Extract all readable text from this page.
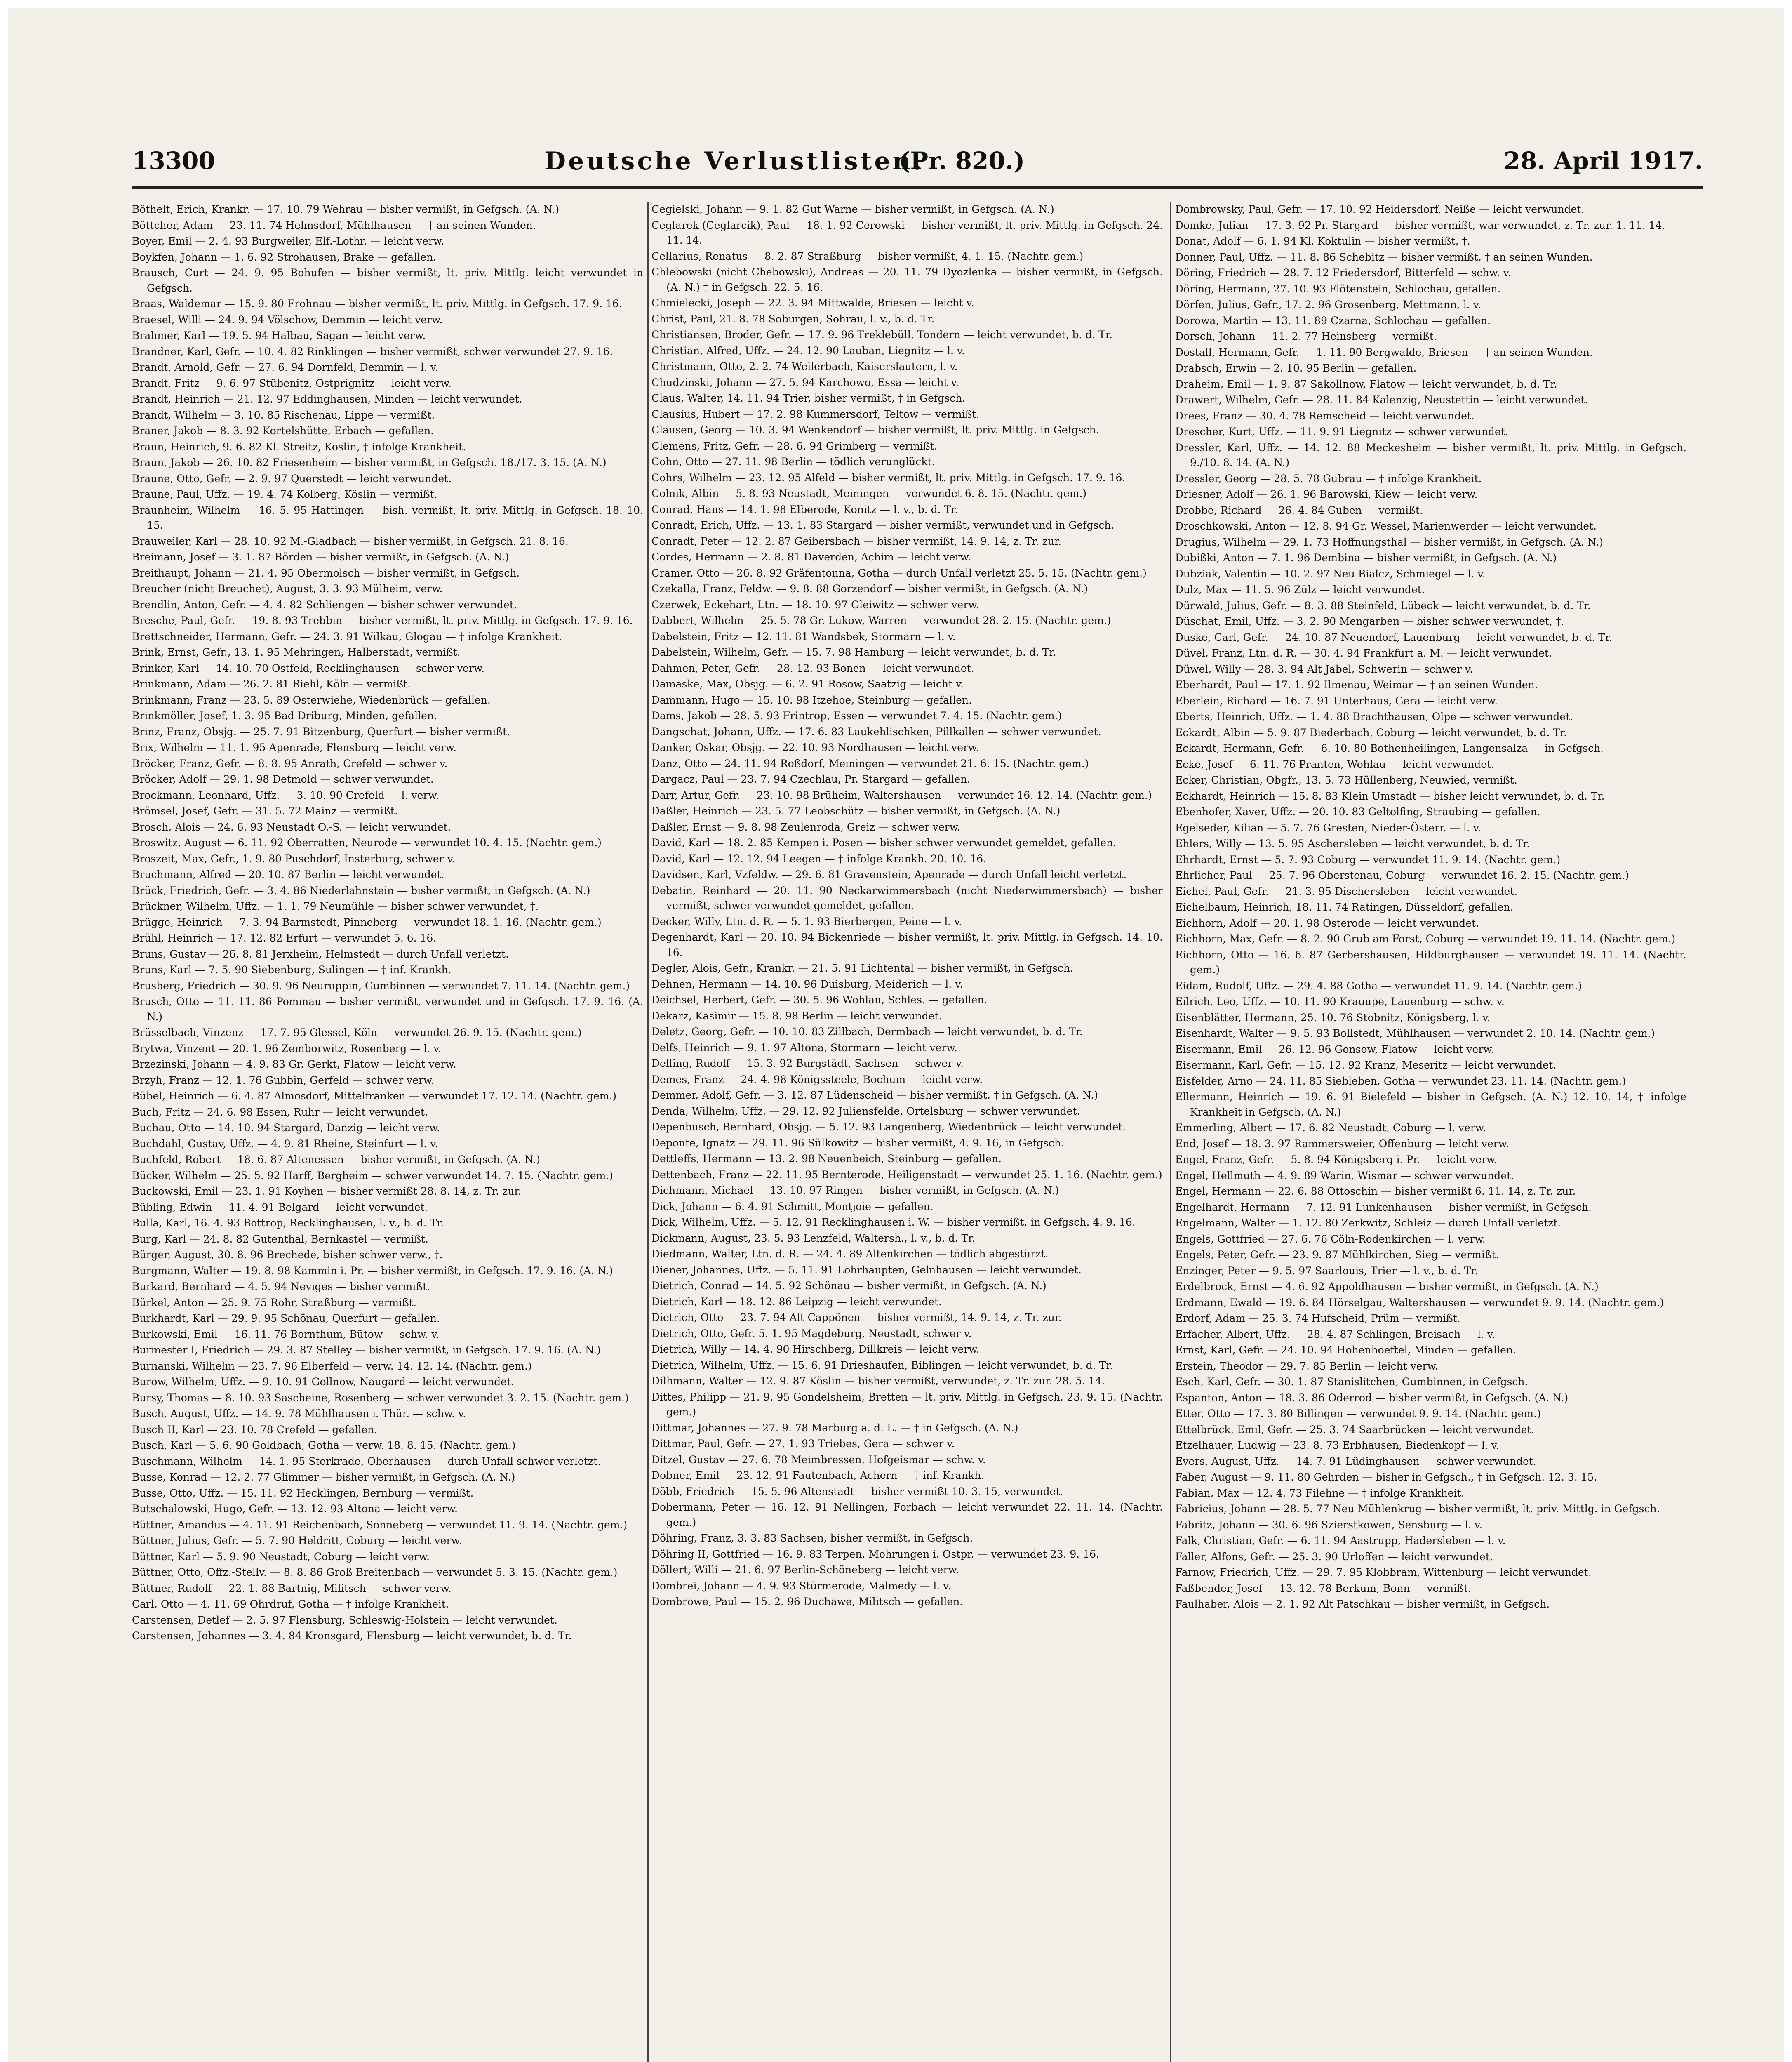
13300	Deutsche Verlustlisten.
(Pr. 820.)	28. April 1917.

Böthelt, Erich, Krankr. — 17. 10. 79 Wehrau — bisher vermißt, in Gefgsch. (A. N.)

Böttcher, Adam — 23. 11. 74 Helmsdorf, Mühlhausen — † an seinen Wunden.

Boyer, Emil — 2. 4. 93 Burgweiler, Elf.-Lothr. — leicht verw.

Boykfen, Johann — 1. 6. 92 Strohausen, Brake — gefallen.

Brausch, Curt — 24. 9. 95 Bohufen — bisher vermißt, lt. priv. Mittlg. leicht verwundet in Gefgsch.

Braas, Waldemar — 15. 9. 80 Frohnau — bisher vermißt, lt. priv. Mittlg. in Gefgsch. 17. 9. 16.

Braesel, Willi — 24. 9. 94 Völschow, Demmin — leicht verw.

Brahmer, Karl — 19. 5. 94 Halbau, Sagan — leicht verw.

Brandner, Karl, Gefr. — 10. 4. 82 Rinklingen — bisher vermißt, schwer verwundet 27. 9. 16.

Brandt, Arnold, Gefr. — 27. 6. 94 Dornfeld, Demmin — l. v.

Brandt, Fritz — 9. 6. 97 Stübenitz, Ostprignitz — leicht verw.

Brandt, Heinrich — 21. 12. 97 Eddinghausen, Minden — leicht verwundet.

Brandt, Wilhelm — 3. 10. 85 Rischenau, Lippe — vermißt.

Braner, Jakob — 8. 3. 92 Kortelshütte, Erbach — gefallen.

Braun, Heinrich, 9. 6. 82 Kl. Streitz, Köslin, † infolge Krankheit.

Braun, Jakob — 26. 10. 82 Friesenheim — bisher vermißt, in Gefgsch. 18./17. 3. 15. (A. N.)

Braune, Otto, Gefr. — 2. 9. 97 Querstedt — leicht verwundet.

Braune, Paul, Uffz. — 19. 4. 74 Kolberg, Köslin — vermißt.

Braunheim, Wilhelm — 16. 5. 95 Hattingen — bish. vermißt, lt. priv. Mittlg. in Gefgsch. 18. 10. 15.

Brauweiler, Karl — 28. 10. 92 M.-Gladbach — bisher vermißt, in Gefgsch. 21. 8. 16.

Breimann, Josef — 3. 1. 87 Börden — bisher vermißt, in Gefgsch. (A. N.)

Breithaupt, Johann — 21. 4. 95 Obermolsch — bisher vermißt, in Gefgsch.

Breucher (nicht Breuchet), August, 3. 3. 93 Mülheim, verw.

Brendlin, Anton, Gefr. — 4. 4. 82 Schliengen — bisher schwer verwundet.

Bresche, Paul, Gefr. — 19. 8. 93 Trebbin — bisher vermißt, lt. priv. Mittlg. in Gefgsch. 17. 9. 16.

Brettschneider, Hermann, Gefr. — 24. 3. 91 Wilkau, Glogau — † infolge Krankheit.

Brink, Ernst, Gefr., 13. 1. 95 Mehringen, Halberstadt, vermißt.

Brinker, Karl — 14. 10. 70 Ostfeld, Recklinghausen — schwer verw.

Brinkmann, Adam — 26. 2. 81 Riehl, Köln — vermißt.

Brinkmann, Franz — 23. 5. 89 Osterwiehe, Wiedenbrück — gefallen.

Brinkmöller, Josef, 1. 3. 95 Bad Driburg, Minden, gefallen.

Brinz, Franz, Obsjg. — 25. 7. 91 Bitzenburg, Querfurt — bisher vermißt.

Brix, Wilhelm — 11. 1. 95 Apenrade, Flensburg — leicht verw.

Bröcker, Franz, Gefr. — 8. 8. 95 Anrath, Crefeld — schwer v.

Bröcker, Adolf — 29. 1. 98 Detmold — schwer verwundet.

Brockmann, Leonhard, Uffz. — 3. 10. 90 Crefeld — l. verw.

Brömsel, Josef, Gefr. — 31. 5. 72 Mainz — vermißt.

Brosch, Alois — 24. 6. 93 Neustadt O.-S. — leicht verwundet.

Broswitz, August — 6. 11. 92 Oberratten, Neurode — verwundet 10. 4. 15. (Nachtr. gem.)

Broszeit, Max, Gefr., 1. 9. 80 Puschdorf, Insterburg, schwer v.

Bruchmann, Alfred — 20. 10. 87 Berlin — leicht verwundet.

Brück, Friedrich, Gefr. — 3. 4. 86 Niederlahnstein — bisher vermißt, in Gefgsch. (A. N.)

Brückner, Wilhelm, Uffz. — 1. 1. 79 Neumühle — bisher schwer verwundet, †.

Brügge, Heinrich — 7. 3. 94 Barmstedt, Pinneberg — verwundet 18. 1. 16. (Nachtr. gem.)

Brühl, Heinrich — 17. 12. 82 Erfurt — verwundet 5. 6. 16.

Bruns, Gustav — 26. 8. 81 Jerxheim, Helmstedt — durch Unfall verletzt.

Bruns, Karl — 7. 5. 90 Siebenburg, Sulingen — † inf. Krankh.

Brusberg, Friedrich — 30. 9. 96 Neuruppin, Gumbinnen — verwundet 7. 11. 14. (Nachtr. gem.)

Brusch, Otto — 11. 11. 86 Pommau — bisher vermißt, verwundet und in Gefgsch. 17. 9. 16. (A. N.)

Brüsselbach, Vinzenz — 17. 7. 95 Glessel, Köln — verwundet 26. 9. 15. (Nachtr. gem.)

Brytwa, Vinzent — 20. 1. 96 Zemborwitz, Rosenberg — l. v.

Brzezinski, Johann — 4. 9. 83 Gr. Gerkt, Flatow — leicht verw.

Brzyh, Franz — 12. 1. 76 Gubbin, Gerfeld — schwer verw.

Bübel, Heinrich — 6. 4. 87 Almosdorf, Mittelfranken — verwundet 17. 12. 14. (Nachtr. gem.)

Buch, Fritz — 24. 6. 98 Essen, Ruhr — leicht verwundet.

Buchau, Otto — 14. 10. 94 Stargard, Danzig — leicht verw.

Buchdahl, Gustav, Uffz. — 4. 9. 81 Rheine, Steinfurt — l. v.

Buchfeld, Robert — 18. 6. 87 Altenessen — bisher vermißt, in Gefgsch. (A. N.)

Bücker, Wilhelm — 25. 5. 92 Harff, Bergheim — schwer verwundet 14. 7. 15. (Nachtr. gem.)

Buckowski, Emil — 23. 1. 91 Koyhen — bisher vermißt 28. 8. 14, z. Tr. zur.

Bübling, Edwin — 11. 4. 91 Belgard — leicht verwundet.

Bulla, Karl, 16. 4. 93 Bottrop, Recklinghausen, l. v., b. d. Tr.

Burg, Karl — 24. 8. 82 Gutenthal, Bernkastel — vermißt.

Bürger, August, 30. 8. 96 Brechede, bisher schwer verw., †.

Burgmann, Walter — 19. 8. 98 Kammin i. Pr. — bisher vermißt, in Gefgsch. 17. 9. 16. (A. N.)

Burkard, Bernhard — 4. 5. 94 Neviges — bisher vermißt.

Bürkel, Anton — 25. 9. 75 Rohr, Straßburg — vermißt.

Burkhardt, Karl — 29. 9. 95 Schönau, Querfurt — gefallen.

Burkowski, Emil — 16. 11. 76 Bornthum, Bütow — schw. v.

Burmester I, Friedrich — 29. 3. 87 Stelley — bisher vermißt, in Gefgsch. 17. 9. 16. (A. N.)

Burnanski, Wilhelm — 23. 7. 96 Elberfeld — verw. 14. 12. 14. (Nachtr. gem.)

Burow, Wilhelm, Uffz. — 9. 10. 91 Gollnow, Naugard — leicht verwundet.

Bursy, Thomas — 8. 10. 93 Sascheine, Rosenberg — schwer verwundet 3. 2. 15. (Nachtr. gem.)

Busch, August, Uffz. — 14. 9. 78 Mühlhausen i. Thür. — schw. v.

Busch II, Karl — 23. 10. 78 Crefeld — gefallen.

Busch, Karl — 5. 6. 90 Goldbach, Gotha — verw. 18. 8. 15. (Nachtr. gem.)

Buschmann, Wilhelm — 14. 1. 95 Sterkrade, Oberhausen — durch Unfall schwer verletzt.

Busse, Konrad — 12. 2. 77 Glimmer — bisher vermißt, in Gefgsch. (A. N.)

Busse, Otto, Uffz. — 15. 11. 92 Hecklingen, Bernburg — vermißt.

Butschalowski, Hugo, Gefr. — 13. 12. 93 Altona — leicht verw.

Büttner, Amandus — 4. 11. 91 Reichenbach, Sonneberg — verwundet 11. 9. 14. (Nachtr. gem.)

Büttner, Julius, Gefr. — 5. 7. 90 Heldritt, Coburg — leicht verw.

Büttner, Karl — 5. 9. 90 Neustadt, Coburg — leicht verw.

Büttner, Otto, Offz.-Stellv. — 8. 8. 86 Groß Breitenbach — verwundet 5. 3. 15. (Nachtr. gem.)

Büttner, Rudolf — 22. 1. 88 Bartnig, Militsch — schwer verw.

Carl, Otto — 4. 11. 69 Ohrdruf, Gotha — † infolge Krankheit.

Carstensen, Detlef — 2. 5. 97 Flensburg, Schleswig-Holstein — leicht verwundet.

Carstensen, Johannes — 3. 4. 84 Kronsgard, Flensburg — leicht verwundet, b. d. Tr.

Cegielski, Johann — 9. 1. 82 Gut Warne — bisher vermißt, in Gefgsch. (A. N.)

Ceglarek (Ceglarcik), Paul — 18. 1. 92 Cerowski — bisher vermißt, lt. priv. Mittlg. in Gefgsch. 24. 11. 14.

Cellarius, Renatus — 8. 2. 87 Straßburg — bisher vermißt, 4. 1. 15. (Nachtr. gem.)

Chlebowski (nicht Chebowski), Andreas — 20. 11. 79 Dyozlenka — bisher vermißt, in Gefgsch. (A. N.) † in Gefgsch. 22. 5. 16.

Chmielecki, Joseph — 22. 3. 94 Mittwalde, Briesen — leicht v.

Christ, Paul, 21. 8. 78 Soburgen, Sohrau, l. v., b. d. Tr.

Christiansen, Broder, Gefr. — 17. 9. 96 Treklebüll, Tondern — leicht verwundet, b. d. Tr.

Christian, Alfred, Uffz. — 24. 12. 90 Lauban, Liegnitz — l. v.

Christmann, Otto, 2. 2. 74 Weilerbach, Kaiserslautern, l. v.

Chudzinski, Johann — 27. 5. 94 Karchowo, Essa — leicht v.

Claus, Walter, 14. 11. 94 Trier, bisher vermißt, † in Gefgsch.

Clausius, Hubert — 17. 2. 98 Kummersdorf, Teltow — vermißt.

Clausen, Georg — 10. 3. 94 Wenkendorf — bisher vermißt, lt. priv. Mittlg. in Gefgsch.

Clemens, Fritz, Gefr. — 28. 6. 94 Grimberg — vermißt.

Cohn, Otto — 27. 11. 98 Berlin — tödlich verunglückt.

Cohrs, Wilhelm — 23. 12. 95 Alfeld — bisher vermißt, lt. priv. Mittlg. in Gefgsch. 17. 9. 16.

Colnik, Albin — 5. 8. 93 Neustadt, Meiningen — verwundet 6. 8. 15. (Nachtr. gem.)

Conrad, Hans — 14. 1. 98 Elberode, Konitz — l. v., b. d. Tr.

Conradt, Erich, Uffz. — 13. 1. 83 Stargard — bisher vermißt, verwundet und in Gefgsch.

Conradt, Peter — 12. 2. 87 Geibersbach — bisher vermißt, 14. 9. 14, z. Tr. zur.

Cordes, Hermann — 2. 8. 81 Daverden, Achim — leicht verw.

Cramer, Otto — 26. 8. 92 Gräfentonna, Gotha — durch Unfall verletzt 25. 5. 15. (Nachtr. gem.)

Czekalla, Franz, Feldw. — 9. 8. 88 Gorzendorf — bisher vermißt, in Gefgsch. (A. N.)

Czerwek, Eckehart, Ltn. — 18. 10. 97 Gleiwitz — schwer verw.

Dabbert, Wilhelm — 25. 5. 78 Gr. Lukow, Warren — verwundet 28. 2. 15. (Nachtr. gem.)

Dabelstein, Fritz — 12. 11. 81 Wandsbek, Stormarn — l. v.

Dabelstein, Wilhelm, Gefr. — 15. 7. 98 Hamburg — leicht verwundet, b. d. Tr.

Dahmen, Peter, Gefr. — 28. 12. 93 Bonen — leicht verwundet.

Damaske, Max, Obsjg. — 6. 2. 91 Rosow, Saatzig — leicht v.

Dammann, Hugo — 15. 10. 98 Itzehoe, Steinburg — gefallen.

Dams, Jakob — 28. 5. 93 Frintrop, Essen — verwundet 7. 4. 15. (Nachtr. gem.)

Dangschat, Johann, Uffz. — 17. 6. 83 Laukehlischken, Pillkallen — schwer verwundet.

Danker, Oskar, Obsjg. — 22. 10. 93 Nordhausen — leicht verw.

Danz, Otto — 24. 11. 94 Roßdorf, Meiningen — verwundet 21. 6. 15. (Nachtr. gem.)

Dargacz, Paul — 23. 7. 94 Czechlau, Pr. Stargard — gefallen.

Darr, Artur, Gefr. — 23. 10. 98 Brüheim, Waltershausen — verwundet 16. 12. 14. (Nachtr. gem.)

Daßler, Heinrich — 23. 5. 77 Leobschütz — bisher vermißt, in Gefgsch. (A. N.)

Daßler, Ernst — 9. 8. 98 Zeulenroda, Greiz — schwer verw.

David, Karl — 18. 2. 85 Kempen i. Posen — bisher schwer verwundet gemeldet, gefallen.

David, Karl — 12. 12. 94 Leegen — † infolge Krankh. 20. 10. 16.

Davidsen, Karl, Vzfeldw. — 29. 6. 81 Gravenstein, Apenrade — durch Unfall leicht verletzt.

Debatin, Reinhard — 20. 11. 90 Neckarwimmersbach (nicht Niederwimmersbach) — bisher vermißt, schwer verwundet gemeldet, gefallen.

Decker, Willy, Ltn. d. R. — 5. 1. 93 Bierbergen, Peine — l. v.

Degenhardt, Karl — 20. 10. 94 Bickenriede — bisher vermißt, lt. priv. Mittlg. in Gefgsch. 14. 10. 16.

Degler, Alois, Gefr., Krankr. — 21. 5. 91 Lichtental — bisher vermißt, in Gefgsch.

Dehnen, Hermann — 14. 10. 96 Duisburg, Meiderich — l. v.

Deichsel, Herbert, Gefr. — 30. 5. 96 Wohlau, Schles. — gefallen.

Dekarz, Kasimir — 15. 8. 98 Berlin — leicht verwundet.

Deletz, Georg, Gefr. — 10. 10. 83 Zillbach, Dermbach — leicht verwundet, b. d. Tr.

Delfs, Heinrich — 9. 1. 97 Altona, Stormarn — leicht verw.

Delling, Rudolf — 15. 3. 92 Burgstädt, Sachsen — schwer v.

Demes, Franz — 24. 4. 98 Königssteele, Bochum — leicht verw.

Demmer, Adolf, Gefr. — 3. 12. 87 Lüdenscheid — bisher vermißt, † in Gefgsch. (A. N.)

Denda, Wilhelm, Uffz. — 29. 12. 92 Juliensfelde, Ortelsburg — schwer verwundet.

Depenbusch, Bernhard, Obsjg. — 5. 12. 93 Langenberg, Wiedenbrück — leicht verwundet.

Deponte, Ignatz — 29. 11. 96 Sülkowitz — bisher vermißt, 4. 9. 16, in Gefgsch.

Dettleffs, Hermann — 13. 2. 98 Neuenbeich, Steinburg — gefallen.

Dettenbach, Franz — 22. 11. 95 Bernterode, Heiligenstadt — verwundet 25. 1. 16. (Nachtr. gem.)

Dichmann, Michael — 13. 10. 97 Ringen — bisher vermißt, in Gefgsch. (A. N.)

Dick, Johann — 6. 4. 91 Schmitt, Montjoie — gefallen.

Dick, Wilhelm, Uffz. — 5. 12. 91 Recklinghausen i. W. — bisher vermißt, in Gefgsch. 4. 9. 16.

Dickmann, August, 23. 5. 93 Lenzfeld, Waltersh., l. v., b. d. Tr.

Diedmann, Walter, Ltn. d. R. — 24. 4. 89 Altenkirchen — tödlich abgestürzt.

Diener, Johannes, Uffz. — 5. 11. 91 Lohrhaupten, Gelnhausen — leicht verwundet.

Dietrich, Conrad — 14. 5. 92 Schönau — bisher vermißt, in Gefgsch. (A. N.)

Dietrich, Karl — 18. 12. 86 Leipzig — leicht verwundet.

Dietrich, Otto — 23. 7. 94 Alt Cappönen — bisher vermißt, 14. 9. 14, z. Tr. zur.

Dietrich, Otto, Gefr. 5. 1. 95 Magdeburg, Neustadt, schwer v.

Dietrich, Willy — 14. 4. 90 Hirschberg, Dillkreis — leicht verw.

Dietrich, Wilhelm, Uffz. — 15. 6. 91 Drieshaufen, Biblingen — leicht verwundet, b. d. Tr.

Dilhmann, Walter — 12. 9. 87 Köslin — bisher vermißt, verwundet, z. Tr. zur. 28. 5. 14.

Dittes, Philipp — 21. 9. 95 Gondelsheim, Bretten — lt. priv. Mittlg. in Gefgsch. 23. 9. 15. (Nachtr. gem.)

Dittmar, Johannes — 27. 9. 78 Marburg a. d. L. — † in Gefgsch. (A. N.)

Dittmar, Paul, Gefr. — 27. 1. 93 Triebes, Gera — schwer v.

Ditzel, Gustav — 27. 6. 78 Meimbressen, Hofgeismar — schw. v.

Dobner, Emil — 23. 12. 91 Fautenbach, Achern — † inf. Krankh.

Döbb, Friedrich — 15. 5. 96 Altenstadt — bisher vermißt 10. 3. 15, verwundet.

Dobermann, Peter — 16. 12. 91 Nellingen, Forbach — leicht verwundet 22. 11. 14. (Nachtr. gem.)

Döhring, Franz, 3. 3. 83 Sachsen, bisher vermißt, in Gefgsch.

Döhring II, Gottfried — 16. 9. 83 Terpen, Mohrungen i. Ostpr. — verwundet 23. 9. 16.

Döllert, Willi — 21. 6. 97 Berlin-Schöneberg — leicht verw.

Dombrei, Johann — 4. 9. 93 Stürmerode, Malmedy — l. v.

Dombrowe, Paul — 15. 2. 96 Duchawe, Militsch — gefallen.

Dombrowsky, Paul, Gefr. — 17. 10. 92 Heidersdorf, Neiße — leicht verwundet.

Domke, Julian — 17. 3. 92 Pr. Stargard — bisher vermißt, war verwundet, z. Tr. zur. 1. 11. 14.

Donat, Adolf — 6. 1. 94 Kl. Koktulin — bisher vermißt, †.

Donner, Paul, Uffz. — 11. 8. 86 Schebitz — bisher vermißt, † an seinen Wunden.

Döring, Friedrich — 28. 7. 12 Friedersdorf, Bitterfeld — schw. v.

Döring, Hermann, 27. 10. 93 Flötenstein, Schlochau, gefallen.

Dörfen, Julius, Gefr., 17. 2. 96 Grosenberg, Mettmann, l. v.

Dorowa, Martin — 13. 11. 89 Czarna, Schlochau — gefallen.

Dorsch, Johann — 11. 2. 77 Heinsberg — vermißt.

Dostall, Hermann, Gefr. — 1. 11. 90 Bergwalde, Briesen — † an seinen Wunden.

Drabsch, Erwin — 2. 10. 95 Berlin — gefallen.

Draheim, Emil — 1. 9. 87 Sakollnow, Flatow — leicht verwundet, b. d. Tr.

Drawert, Wilhelm, Gefr. — 28. 11. 84 Kalenzig, Neustettin — leicht verwundet.

Drees, Franz — 30. 4. 78 Remscheid — leicht verwundet.

Drescher, Kurt, Uffz. — 11. 9. 91 Liegnitz — schwer verwundet.

Dressler, Karl, Uffz. — 14. 12. 88 Meckesheim — bisher vermißt, lt. priv. Mittlg. in Gefgsch. 9./10. 8. 14. (A. N.)

Dressler, Georg — 28. 5. 78 Gubrau — † infolge Krankheit.

Driesner, Adolf — 26. 1. 96 Barowski, Kiew — leicht verw.

Drobbe, Richard — 26. 4. 84 Guben — vermißt.

Droschkowski, Anton — 12. 8. 94 Gr. Wessel, Marienwerder — leicht verwundet.

Drugius, Wilhelm — 29. 1. 73 Hoffnungsthal — bisher vermißt, in Gefgsch. (A. N.)

Dubißki, Anton — 7. 1. 96 Dembina — bisher vermißt, in Gefgsch. (A. N.)

Dubziak, Valentin — 10. 2. 97 Neu Bialcz, Schmiegel — l. v.

Dulz, Max — 11. 5. 96 Zülz — leicht verwundet.

Dürwald, Julius, Gefr. — 8. 3. 88 Steinfeld, Lübeck — leicht verwundet, b. d. Tr.

Düschat, Emil, Uffz. — 3. 2. 90 Mengarben — bisher schwer verwundet, †.

Duske, Carl, Gefr. — 24. 10. 87 Neuendorf, Lauenburg — leicht verwundet, b. d. Tr.

Düvel, Franz, Ltn. d. R. — 30. 4. 94 Frankfurt a. M. — leicht verwundet.

Düwel, Willy — 28. 3. 94 Alt Jabel, Schwerin — schwer v.

Eberhardt, Paul — 17. 1. 92 Ilmenau, Weimar — † an seinen Wunden.

Eberlein, Richard — 16. 7. 91 Unterhaus, Gera — leicht verw.

Eberts, Heinrich, Uffz. — 1. 4. 88 Brachthausen, Olpe — schwer verwundet.

Eckardt, Albin — 5. 9. 87 Biederbach, Coburg — leicht verwundet, b. d. Tr.

Eckardt, Hermann, Gefr. — 6. 10. 80 Bothenheilingen, Langensalza — in Gefgsch.

Ecke, Josef — 6. 11. 76 Pranten, Wohlau — leicht verwundet.

Ecker, Christian, Obgfr., 13. 5. 73 Hüllenberg, Neuwied, vermißt.

Eckhardt, Heinrich — 15. 8. 83 Klein Umstadt — bisher leicht verwundet, b. d. Tr.

Ebenhofer, Xaver, Uffz. — 20. 10. 83 Geltolfing, Straubing — gefallen.

Egelseder, Kilian — 5. 7. 76 Gresten, Nieder-Österr. — l. v.

Ehlers, Willy — 13. 5. 95 Aschersleben — leicht verwundet, b. d. Tr.

Ehrhardt, Ernst — 5. 7. 93 Coburg — verwundet 11. 9. 14. (Nachtr. gem.)

Ehrlicher, Paul — 25. 7. 96 Oberstenau, Coburg — verwundet 16. 2. 15. (Nachtr. gem.)

Eichel, Paul, Gefr. — 21. 3. 95 Dischersleben — leicht verwundet.

Eichelbaum, Heinrich, 18. 11. 74 Ratingen, Düsseldorf, gefallen.

Eichhorn, Adolf — 20. 1. 98 Osterode — leicht verwundet.

Eichhorn, Max, Gefr. — 8. 2. 90 Grub am Forst, Coburg — verwundet 19. 11. 14. (Nachtr. gem.)

Eichhorn, Otto — 16. 6. 87 Gerbershausen, Hildburghausen — verwundet 19. 11. 14. (Nachtr. gem.)

Eidam, Rudolf, Uffz. — 29. 4. 88 Gotha — verwundet 11. 9. 14. (Nachtr. gem.)

Eilrich, Leo, Uffz. — 10. 11. 90 Krauupe, Lauenburg — schw. v.

Eisenblätter, Hermann, 25. 10. 76 Stobnitz, Königsberg, l. v.

Eisenhardt, Walter — 9. 5. 93 Bollstedt, Mühlhausen — verwundet 2. 10. 14. (Nachtr. gem.)

Eisermann, Emil — 26. 12. 96 Gonsow, Flatow — leicht verw.

Eisermann, Karl, Gefr. — 15. 12. 92 Kranz, Meseritz — leicht verwundet.

Eisfelder, Arno — 24. 11. 85 Siebleben, Gotha — verwundet 23. 11. 14. (Nachtr. gem.)

Ellermann, Heinrich — 19. 6. 91 Bielefeld — bisher in Gefgsch. (A. N.) 12. 10. 14, † infolge Krankheit in Gefgsch. (A. N.)

Emmerling, Albert — 17. 6. 82 Neustadt, Coburg — l. verw.

End, Josef — 18. 3. 97 Rammersweier, Offenburg — leicht verw.

Engel, Franz, Gefr. — 5. 8. 94 Königsberg i. Pr. — leicht verw.

Engel, Hellmuth — 4. 9. 89 Warin, Wismar — schwer verwundet.

Engel, Hermann — 22. 6. 88 Ottoschin — bisher vermißt 6. 11. 14, z. Tr. zur.

Engelhardt, Hermann — 7. 12. 91 Lunkenhausen — bisher vermißt, in Gefgsch.

Engelmann, Walter — 1. 12. 80 Zerkwitz, Schleiz — durch Unfall verletzt.

Engels, Gottfried — 27. 6. 76 Cöln-Rodenkirchen — l. verw.

Engels, Peter, Gefr. — 23. 9. 87 Mühlkirchen, Sieg — vermißt.

Enzinger, Peter — 9. 5. 97 Saarlouis, Trier — l. v., b. d. Tr.

Erdelbrock, Ernst — 4. 6. 92 Appoldhausen — bisher vermißt, in Gefgsch. (A. N.)

Erdmann, Ewald — 19. 6. 84 Hörselgau, Waltershausen — verwundet 9. 9. 14. (Nachtr. gem.)

Erdorf, Adam — 25. 3. 74 Hufscheid, Prüm — vermißt.

Erfacher, Albert, Uffz. — 28. 4. 87 Schlingen, Breisach — l. v.

Ernst, Karl, Gefr. — 24. 10. 94 Hohenhoeftel, Minden — gefallen.

Erstein, Theodor — 29. 7. 85 Berlin — leicht verw.

Esch, Karl, Gefr. — 30. 1. 87 Stanislitchen, Gumbinnen, in Gefgsch.

Espanton, Anton — 18. 3. 86 Oderrod — bisher vermißt, in Gefgsch. (A. N.)

Etter, Otto — 17. 3. 80 Billingen — verwundet 9. 9. 14. (Nachtr. gem.)

Ettelbrück, Emil, Gefr. — 25. 3. 74 Saarbrücken — leicht verwundet.

Etzelhauer, Ludwig — 23. 8. 73 Erbhausen, Biedenkopf — l. v.

Evers, August, Uffz. — 14. 7. 91 Lüdinghausen — schwer verwundet.

Faber, August — 9. 11. 80 Gehrden — bisher in Gefgsch., † in Gefgsch. 12. 3. 15.

Fabian, Max — 12. 4. 73 Filehne — † infolge Krankheit.

Fabricius, Johann — 28. 5. 77 Neu Mühlenkrug — bisher vermißt, lt. priv. Mittlg. in Gefgsch.

Fabritz, Johann — 30. 6. 96 Szierstkowen, Sensburg — l. v.

Falk, Christian, Gefr. — 6. 11. 94 Aastrupp, Hadersleben — l. v.

Faller, Alfons, Gefr. — 25. 3. 90 Urloffen — leicht verwundet.

Farnow, Friedrich, Uffz. — 29. 7. 95 Klobbram, Wittenburg — leicht verwundet.

Faßbender, Josef — 13. 12. 78 Berkum, Bonn — vermißt.

Faulhaber, Alois — 2. 1. 92 Alt Patschkau — bisher vermißt, in Gefgsch.
